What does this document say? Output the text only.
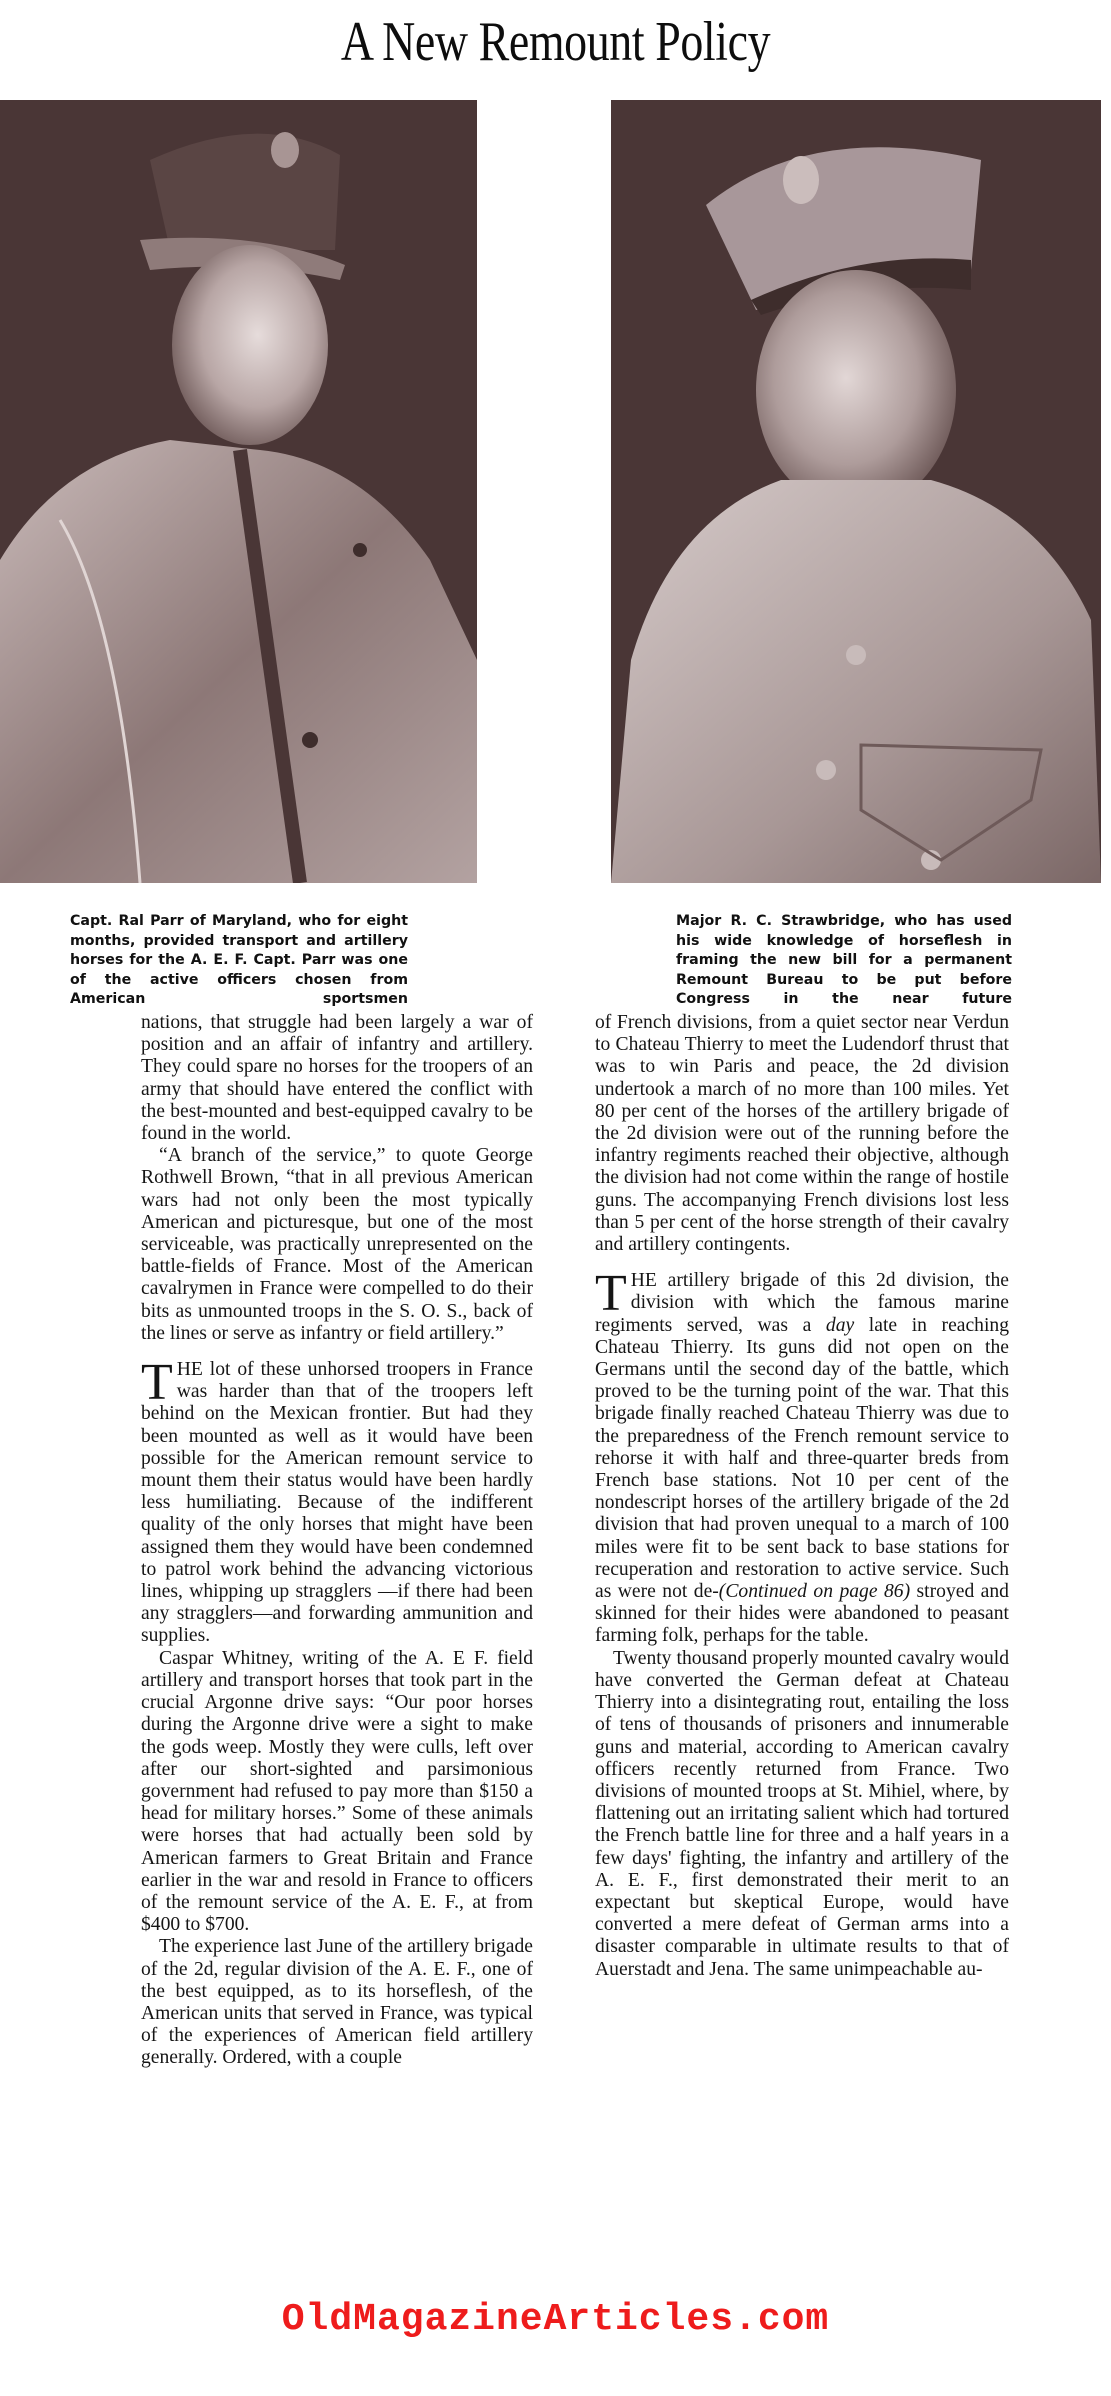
A New Remount Policy
Capt. Ral Parr of Maryland, who for eight months, provided transport and artillery horses for the A. E. F. Capt. Parr was one of the active officers chosen from American sportsmen
Major R. C. Strawbridge, who has used his wide knowledge of horseflesh in framing the new bill for a permanent Remount Bureau to be put before Congress in the near future

nations, that struggle had been largely a war of position and an affair of infantry and artillery. They could spare no horses for the troopers of an army that should have entered the conflict with the best-mounted and best-equipped cavalry to be found in the world.

“A branch of the service,” to quote George Rothwell Brown, “that in all previous American wars had not only been the most typically American and picturesque, but one of the most serviceable, was practically unrepresented on the battle-fields of France. Most of the American cavalrymen in France were compelled to do their bits as unmounted troops in the S. O. S., back of the lines or serve as infantry or field artillery.”

THE lot of these unhorsed troopers in France was harder than that of the troopers left behind on the Mexican frontier. But had they been mounted as well as it would have been possible for the American remount service to mount them their status would have been hardly less humiliating. Because of the indifferent quality of the only horses that might have been assigned them they would have been condemned to patrol work behind the advancing victorious lines, whipping up stragglers —if there had been any stragglers—and forwarding ammunition and supplies.

Caspar Whitney, writing of the A. E F. field artillery and transport horses that took part in the crucial Argonne drive says: “Our poor horses during the Argonne drive were a sight to make the gods weep. Mostly they were culls, left over after our short-sighted and parsimonious government had refused to pay more than $150 a head for military horses.” Some of these animals were horses that had actually been sold by American farmers to Great Britain and France earlier in the war and resold in France to officers of the remount service of the A. E. F., at from $400 to $700.

The experience last June of the artillery brigade of the 2d, regular division of the A. E. F., one of the best equipped, as to its horseflesh, of the American units that served in France, was typical of the experiences of American field artillery generally. Ordered, with a couple

of French divisions, from a quiet sector near Verdun to Chateau Thierry to meet the Ludendorf thrust that was to win Paris and peace, the 2d division undertook a march of no more than 100 miles. Yet 80 per cent of the horses of the artillery brigade of the 2d division were out of the running before the infantry regiments reached their objective, although the division had not come within the range of hostile guns. The accompanying French divisions lost less than 5 per cent of the horse strength of their cavalry and artillery contingents.

THE artillery brigade of this 2d division, the division with which the famous marine regiments served, was a day late in reaching Chateau Thierry. Its guns did not open on the Germans until the second day of the battle, which proved to be the turning point of the war. That this brigade finally reached Chateau Thierry was due to the preparedness of the French remount service to rehorse it with half and three-quarter breds from French base stations. Not 10 per cent of the nondescript horses of the artillery brigade of the 2d division that had proven unequal to a march of 100 miles were fit to be sent back to base stations for recuperation and restoration to active service. Such as were not de-(Continued on page 86) stroyed and skinned for their hides were abandoned to peasant farming folk, perhaps for the table.

Twenty thousand properly mounted cavalry would have converted the German defeat at Chateau Thierry into a disintegrating rout, entailing the loss of tens of thousands of prisoners and innumerable guns and material, according to American cavalry officers recently returned from France. Two divisions of mounted troops at St. Mihiel, where, by flattening out an irritating salient which had tortured the French battle line for three and a half years in a few days' fighting, the infantry and artillery of the A. E. F., first demonstrated their merit to an expectant but skeptical Europe, would have converted a mere defeat of German arms into a disaster comparable in ultimate results to that of Auerstadt and Jena. The same unimpeachable au-

OldMagazineArticles.com
